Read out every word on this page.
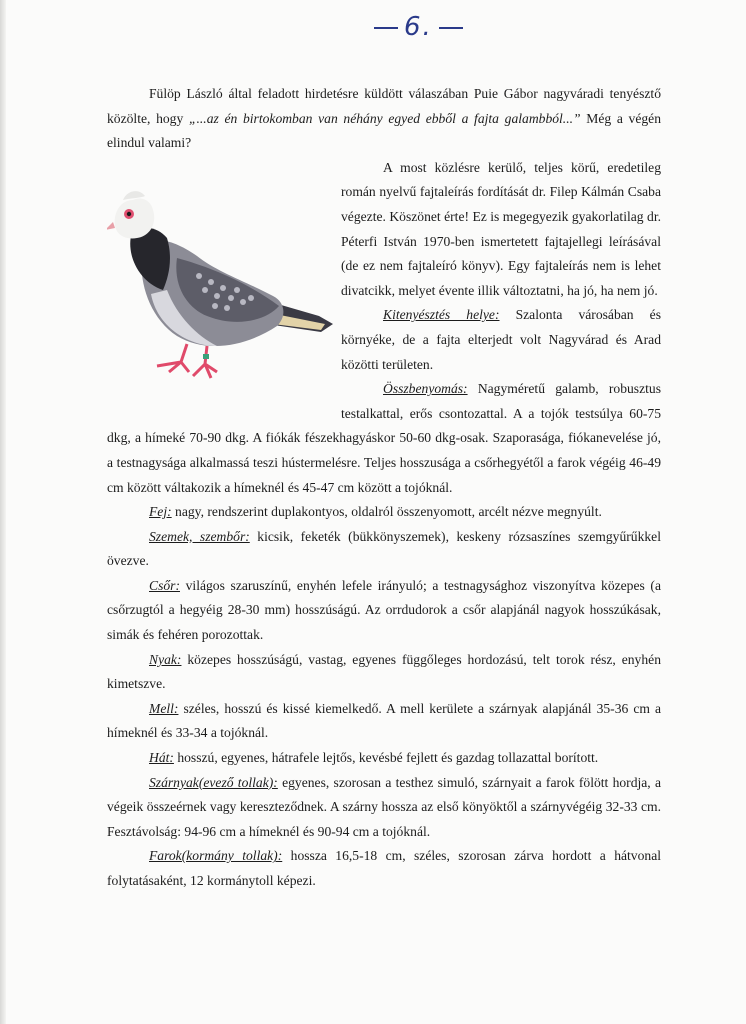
6.

Fülöp László által feladott hirdetésre küldött válaszában Puie Gábor nagyváradi tenyésztő közölte, hogy „...az én birtokomban van néhány egyed ebből a fajta galambból...” Még a végén elindul valami?

A most közlésre kerülő, teljes körű, eredetileg román nyelvű fajtaleírás fordítását dr. Filep Kálmán Csaba végezte. Köszönet érte! Ez is megegyezik gyakorlatilag dr. Péterfi István 1970-ben ismertetett fajtajellegi leírásával (de ez nem fajtaleíró könyv). Egy fajtaleírás nem is lehet divatcikk, melyet évente illik változtatni, ha jó, ha nem jó.

Kitenyésztés helye: Szalonta városában és környéke, de a fajta elterjedt volt Nagyvárad és Arad közötti területen.

Összbenyomás: Nagyméretű galamb, robusztus testalkattal, erős csontozattal. A a tojók testsúlya 60-75 dkg, a hímeké 70-90 dkg. A fiókák fészekhagyáskor 50-60 dkg-osak. Szaporasága, fiókanevelése jó, a testnagysága alkalmassá teszi hústermelésre. Teljes hosszusága a csőrhegyétől a farok végéig 46-49 cm között váltakozik a hímeknél és 45-47 cm között a tojóknál.

Fej: nagy, rendszerint duplakontyos, oldalról összenyomott, arcélt nézve megnyúlt.

Szemek, szembőr: kicsik, feketék (bükkönyszemek), keskeny rózsaszínes szemgyűrűkkel övezve.

Csőr: világos szaruszínű, enyhén lefele irányuló; a testnagysághoz viszonyítva közepes (a csőrzugtól a hegyéig 28-30 mm) hosszúságú. Az orrdudorok a csőr alapjánál nagyok hosszúkásak, simák és fehéren porozottak.

Nyak: közepes hosszúságú, vastag, egyenes függőleges hordozású, telt torok rész, enyhén kimetszve.

Mell: széles, hosszú és kissé kiemelkedő. A mell kerülete a szárnyak alapjánál 35-36 cm a hímeknél és 33-34 a tojóknál.

Hát: hosszú, egyenes, hátrafele lejtős, kevésbé fejlett és gazdag tollazattal borított.

Szárnyak(evező tollak): egyenes, szorosan a testhez simuló, szárnyait a farok fölött hordja, a végeik összeérnek vagy kereszteződnek. A szárny hossza az első könyöktől a szárnyvégéig 32-33 cm. Fesztávolság: 94-96 cm a hímeknél és 90-94 cm a tojóknál.

Farok(kormány tollak): hossza 16,5-18 cm, széles, szorosan zárva hordott a hátvonal folytatásaként, 12 kormánytoll képezi.
